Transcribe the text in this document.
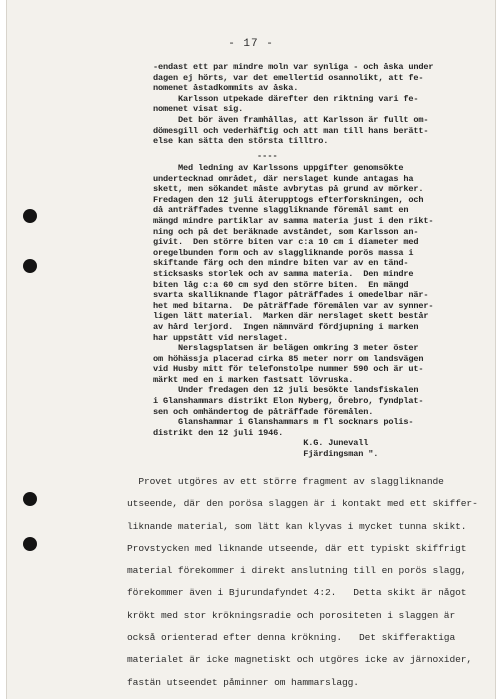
- 17 -
-endast ett par mindre moln var synliga - och åska under
dagen ej hörts, var det emellertid osannolikt, att fe-
nomenet åstadkommits av åska.
Karlsson utpekade därefter den riktning vari fe-
nomenet visat sig.
Det bör även framhållas, att Karlsson är fullt om-
dömesgill och vederhäftig och att man till hans berätt-
else kan sätta den största tilltro.
----
Med ledning av Karlssons uppgifter genomsökte
undertecknad området, där nerslaget kunde antagas ha
skett, men sökandet måste avbrytas på grund av mörker.
Fredagen den 12 juli återupptogs efterforskningen, och
då anträffades tvenne slaggliknande föremål samt en
mängd mindre partiklar av samma materia just i den rikt-
ning och på det beräknade avståndet, som Karlsson an-
givit.  Den större biten var c:a 10 cm i diameter med
oregelbunden form och av slaggliknande porös massa i
skiftande färg och den mindre biten var av en tänd-
sticksasks storlek och av samma materia.  Den mindre
biten låg c:a 60 cm syd den större biten.  En mängd
svarta skalliknande flagor påträffades i omedelbar när-
het med bitarna.  De påträffade föremålen var av synner-
ligen lätt material.  Marken där nerslaget skett består
av hård lerjord.  Ingen nämnvärd fördjupning i marken
har uppstått vid nerslaget.
Nerslagsplatsen är belägen omkring 3 meter öster
om höhässja placerad cirka 85 meter norr om landsvägen
vid Husby mitt för telefonstolpe nummer 590 och är ut-
märkt med en i marken fastsatt lövruska.
Under fredagen den 12 juli besökte landsfiskalen
i Glanshammars distrikt Elon Nyberg, Örebro, fyndplat-
sen och omhändertog de påträffade föremålen.
Glanshammar i Glanshammars m fl socknars polis-
distrikt den 12 juli 1946.
K.G. Junevall
Fjärdingsman ".
Provet utgöres av ett större fragment av slaggliknande
utseende, där den porösa slaggen är i kontakt med ett skiffer-
liknande material, som lätt kan klyvas i mycket tunna skikt.
Provstycken med liknande utseende, där ett typiskt skiffrigt
material förekommer i direkt anslutning till en porös slagg,
förekommer även i Bjurundafyndet 4:2.   Detta skikt är något
krökt med stor krökningsradie och porositeten i slaggen är
också orienterad efter denna krökning.   Det skifferaktiga
materialet är icke magnetiskt och utgöres icke av järnoxider,
fastän utseendet påminner om hammarslagg.
